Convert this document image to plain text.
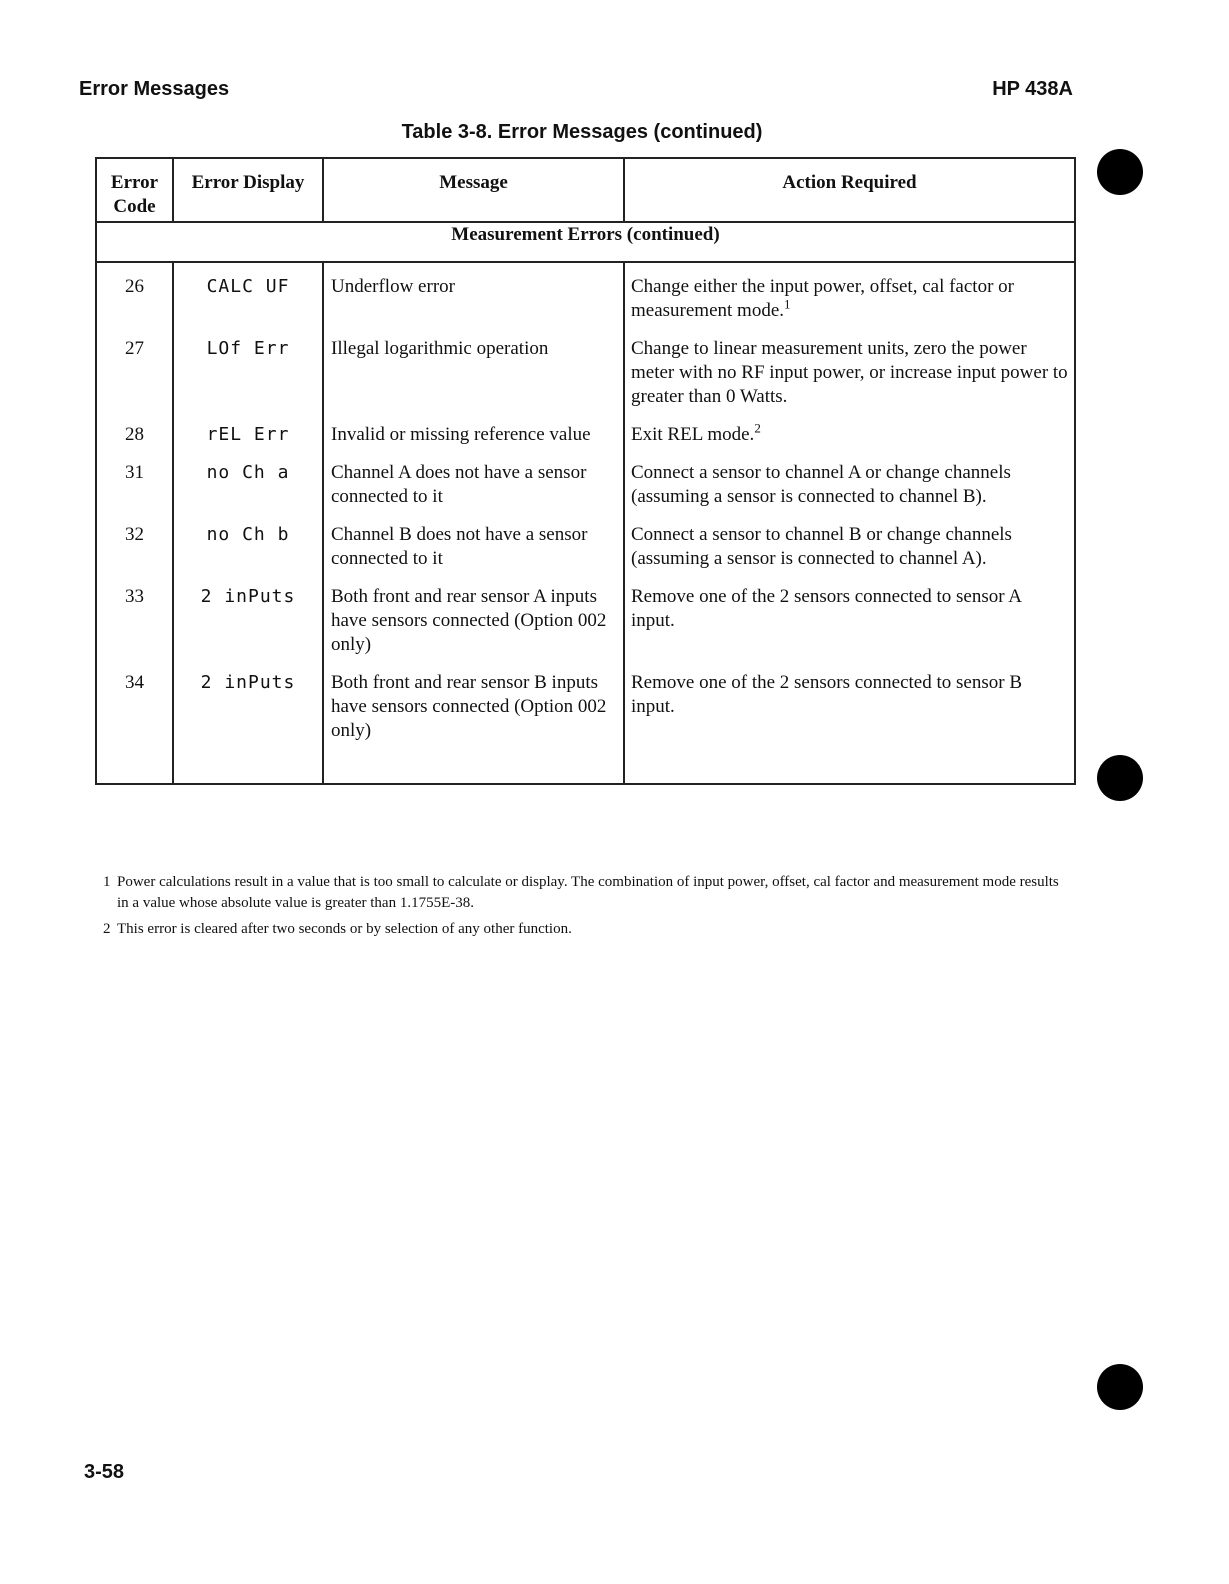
Error Messages	HP 438A
Table 3-8. Error Messages (continued)
Error Code	Error Display	Message	Action Required
Measurement Errors (continued)			
26	CALC UF	Underflow error	Change either the input power, offset, cal factor or measurement mode.$^1$
27	LOf Err	Illegal logarithmic operation	Change to linear measurement units, zero the power meter with no RF input power, or increase input power to greater than 0 Watts.
28	rEL Err	Invalid or missing reference value	Exit REL mode.$^2$
31	no Ch a	Channel A does not have a sensor connected to it	Connect a sensor to channel A or change channels (assuming a sensor is connected to channel B).
32	no Ch b	Channel B does not have a sensor connected to it	Connect a sensor to channel B or change channels (assuming a sensor is connected to channel A).
33	2 inPuts	Both front and rear sensor A inputs have sensors connected (Option 002 only)	Remove one of the 2 sensors connected to sensor A input.
34	2 inPuts	Both front and rear sensor B inputs have sensors connected (Option 002 only)	Remove one of the 2 sensors connected to sensor B input.
1 Power calculations result in a value that is too small to calculate or display. The combination of input power, offset, cal factor and measurement mode results in a value whose absolute value is greater than 1.1755E-38.
2 This error is cleared after two seconds or by selection of any other function.
3-58
